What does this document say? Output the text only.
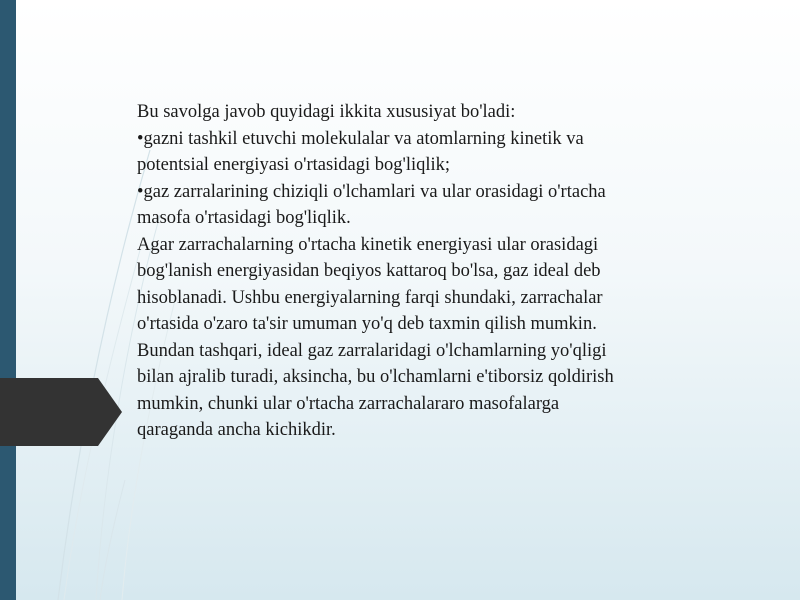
Bu savolga javob quyidagi ikkita xususiyat bo'ladi:

•gazni tashkil etuvchi molekulalar va atomlarning kinetik va

potentsial energiyasi o'rtasidagi bog'liqlik;

•gaz zarralarining chiziqli o'lchamlari va ular orasidagi o'rtacha

masofa o'rtasidagi bog'liqlik.

Agar zarrachalarning o'rtacha kinetik energiyasi ular orasidagi

bog'lanish energiyasidan beqiyos kattaroq bo'lsa, gaz ideal deb

hisoblanadi. Ushbu energiyalarning farqi shundaki, zarrachalar

o'rtasida o'zaro ta'sir umuman yo'q deb taxmin qilish mumkin.

Bundan tashqari, ideal gaz zarralaridagi o'lchamlarning yo'qligi

bilan ajralib turadi, aksincha, bu o'lchamlarni e'tiborsiz qoldirish

mumkin, chunki ular o'rtacha zarrachalararo masofalarga

qaraganda ancha kichikdir.
